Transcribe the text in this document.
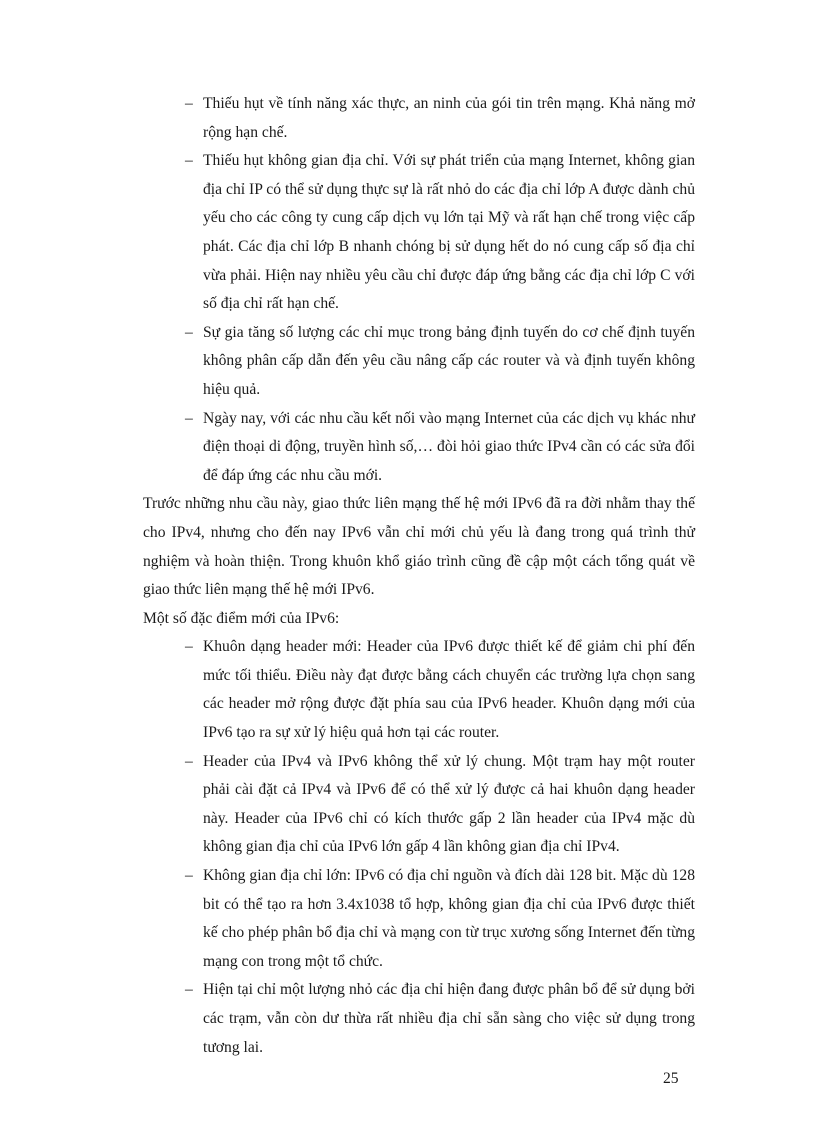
– Thiếu hụt về tính năng xác thực, an ninh của gói tin trên mạng. Khả năng mở rộng hạn chế.
– Thiếu hụt không gian địa chỉ. Với sự phát triển của mạng Internet, không gian địa chỉ IP có thể sử dụng thực sự là rất nhỏ do các địa chỉ lớp A được dành chủ yếu cho các công ty cung cấp dịch vụ lớn tại Mỹ và rất hạn chế trong việc cấp phát. Các địa chỉ lớp B nhanh chóng bị sử dụng hết do nó cung cấp số địa chỉ vừa phải. Hiện nay nhiều yêu cầu chỉ được đáp ứng bằng các địa chỉ lớp C với số địa chỉ rất hạn chế.
– Sự gia tăng số lượng các chỉ mục trong bảng định tuyến do cơ chế định tuyến không phân cấp dẫn đến yêu cầu nâng cấp các router và và định tuyến không hiệu quả.
– Ngày nay, với các nhu cầu kết nối vào mạng Internet của các dịch vụ khác như điện thoại di động, truyền hình số,… đòi hỏi giao thức IPv4 cần có các sửa đổi để đáp ứng các nhu cầu mới.

Trước những nhu cầu này, giao thức liên mạng thế hệ mới IPv6 đã ra đời nhằm thay thế cho IPv4, nhưng cho đến nay IPv6 vẫn chỉ mới chủ yếu là đang trong quá trình thử nghiệm và hoàn thiện. Trong khuôn khổ giáo trình cũng đề cập một cách tổng quát về giao thức liên mạng thế hệ mới IPv6.

Một số đặc điểm mới của IPv6:

– Khuôn dạng header mới: Header của IPv6 được thiết kế để giảm chi phí đến mức tối thiểu. Điều này đạt được bằng cách chuyển các trường lựa chọn sang các header mở rộng được đặt phía sau của IPv6 header. Khuôn dạng mới của IPv6 tạo ra sự xử lý hiệu quả hơn tại các router.
– Header của IPv4 và IPv6 không thể xử lý chung. Một trạm hay một router phải cài đặt cả IPv4 và IPv6 để có thể xử lý được cả hai khuôn dạng header này. Header của IPv6 chỉ có kích thước gấp 2 lần header của IPv4 mặc dù không gian địa chỉ của IPv6 lớn gấp 4 lần không gian địa chỉ IPv4.
– Không gian địa chỉ lớn: IPv6 có địa chỉ nguồn và đích dài 128 bit. Mặc dù 128 bit có thể tạo ra hơn 3.4x1038 tổ hợp, không gian địa chỉ của IPv6 được thiết kế cho phép phân bổ địa chỉ và mạng con từ trục xương sống Internet đến từng mạng con trong một tổ chức.
– Hiện tại chỉ một lượng nhỏ các địa chỉ hiện đang được phân bổ để sử dụng bởi các trạm, vẫn còn dư thừa rất nhiều địa chỉ sẵn sàng cho việc sử dụng trong tương lai.
25
